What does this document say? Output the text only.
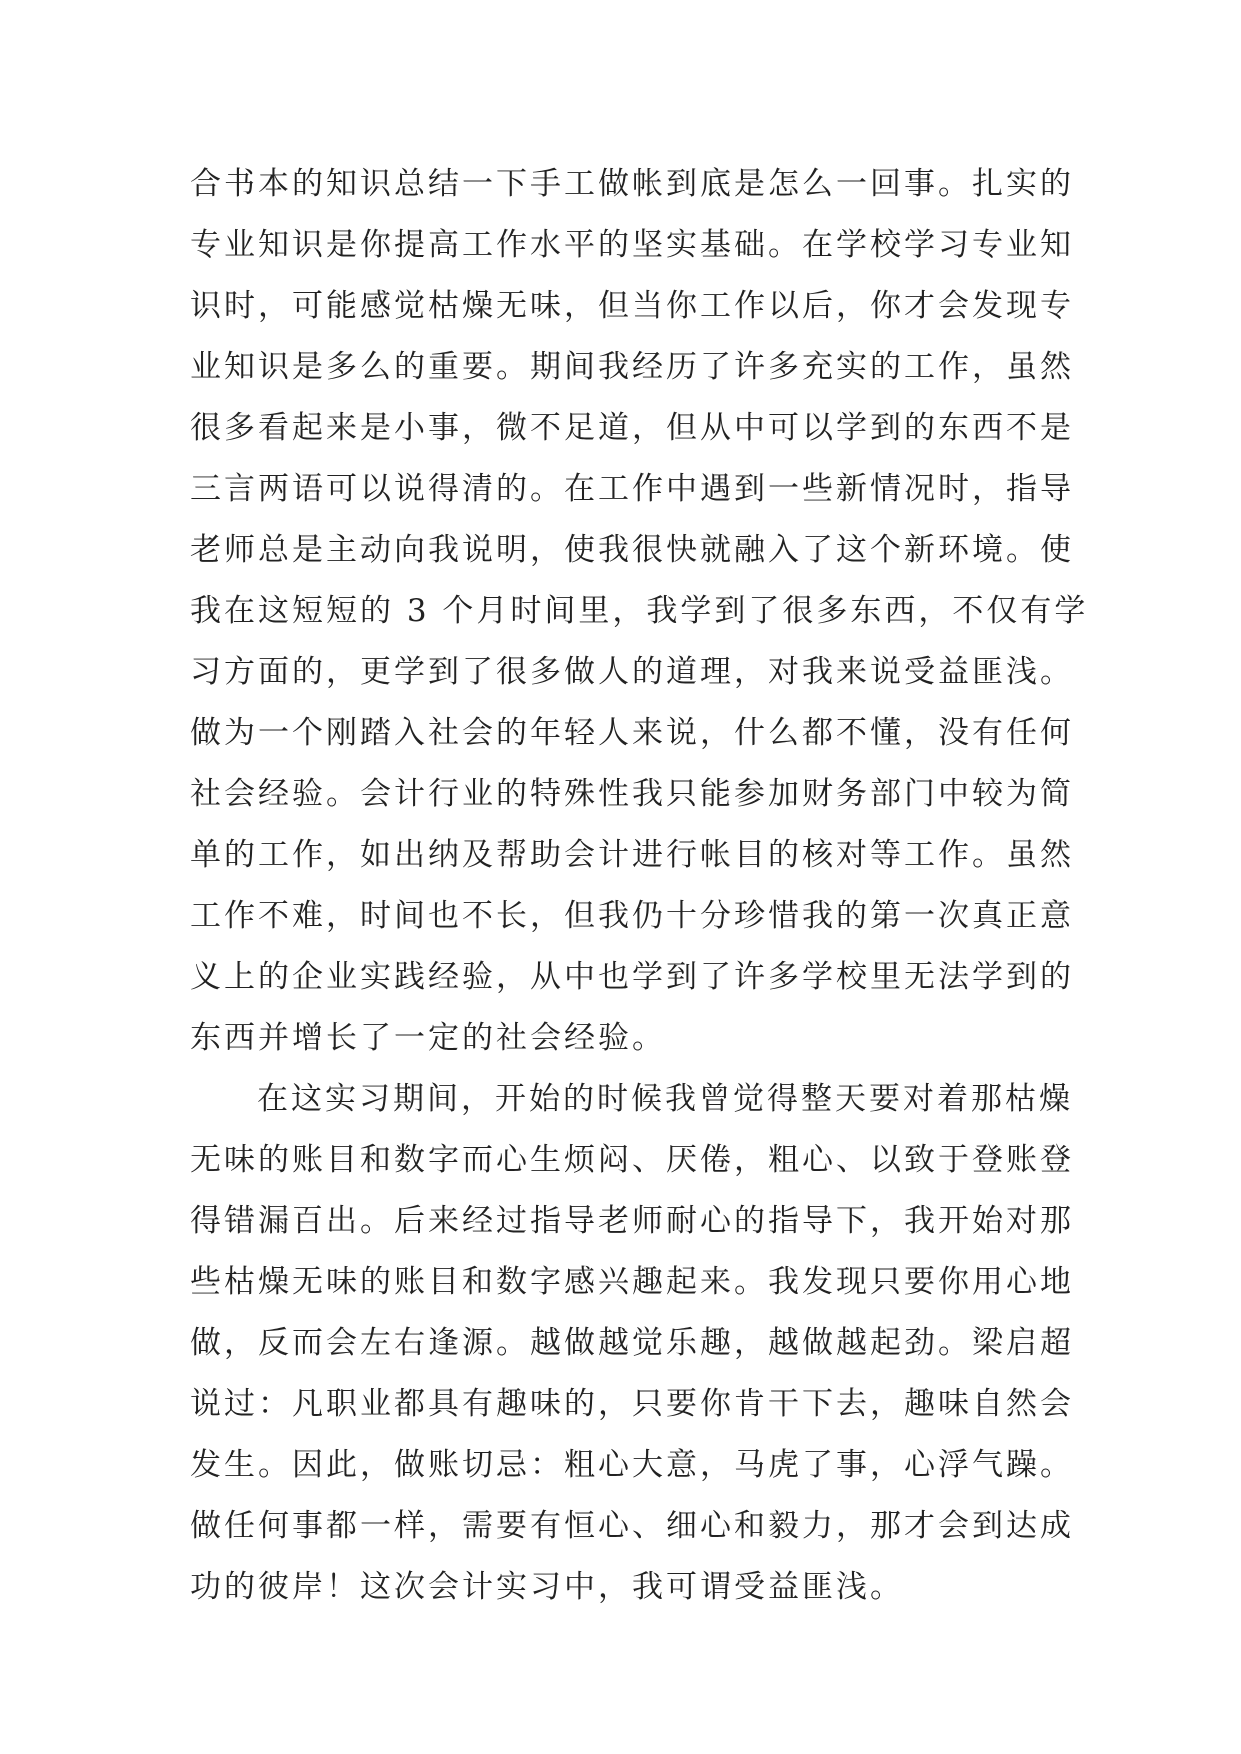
合书本的知识总结一下手工做帐到底是怎么一回事。扎实的
专业知识是你提高工作水平的坚实基础。在学校学习专业知
识时，可能感觉枯燥无味，但当你工作以后，你才会发现专
业知识是多么的重要。期间我经历了许多充实的工作，虽然
很多看起来是小事，微不足道，但从中可以学到的东西不是
三言两语可以说得清的。在工作中遇到一些新情况时，指导
老师总是主动向我说明，使我很快就融入了这个新环境。使
我在这短短的 3 个月时间里，我学到了很多东西，不仅有学
习方面的，更学到了很多做人的道理，对我来说受益匪浅。
做为一个刚踏入社会的年轻人来说，什么都不懂，没有任何
社会经验。会计行业的特殊性我只能参加财务部门中较为简
单的工作，如出纳及帮助会计进行帐目的核对等工作。虽然
工作不难，时间也不长，但我仍十分珍惜我的第一次真正意
义上的企业实践经验，从中也学到了许多学校里无法学到的
东西并增长了一定的社会经验。
在这实习期间，开始的时候我曾觉得整天要对着那枯燥
无味的账目和数字而心生烦闷、厌倦，粗心、以致于登账登
得错漏百出。后来经过指导老师耐心的指导下，我开始对那
些枯燥无味的账目和数字感兴趣起来。我发现只要你用心地
做，反而会左右逢源。越做越觉乐趣，越做越起劲。梁启超
说过：凡职业都具有趣味的，只要你肯干下去，趣味自然会
发生。因此，做账切忌：粗心大意，马虎了事，心浮气躁。
做任何事都一样，需要有恒心、细心和毅力，那才会到达成
功的彼岸！这次会计实习中，我可谓受益匪浅。
